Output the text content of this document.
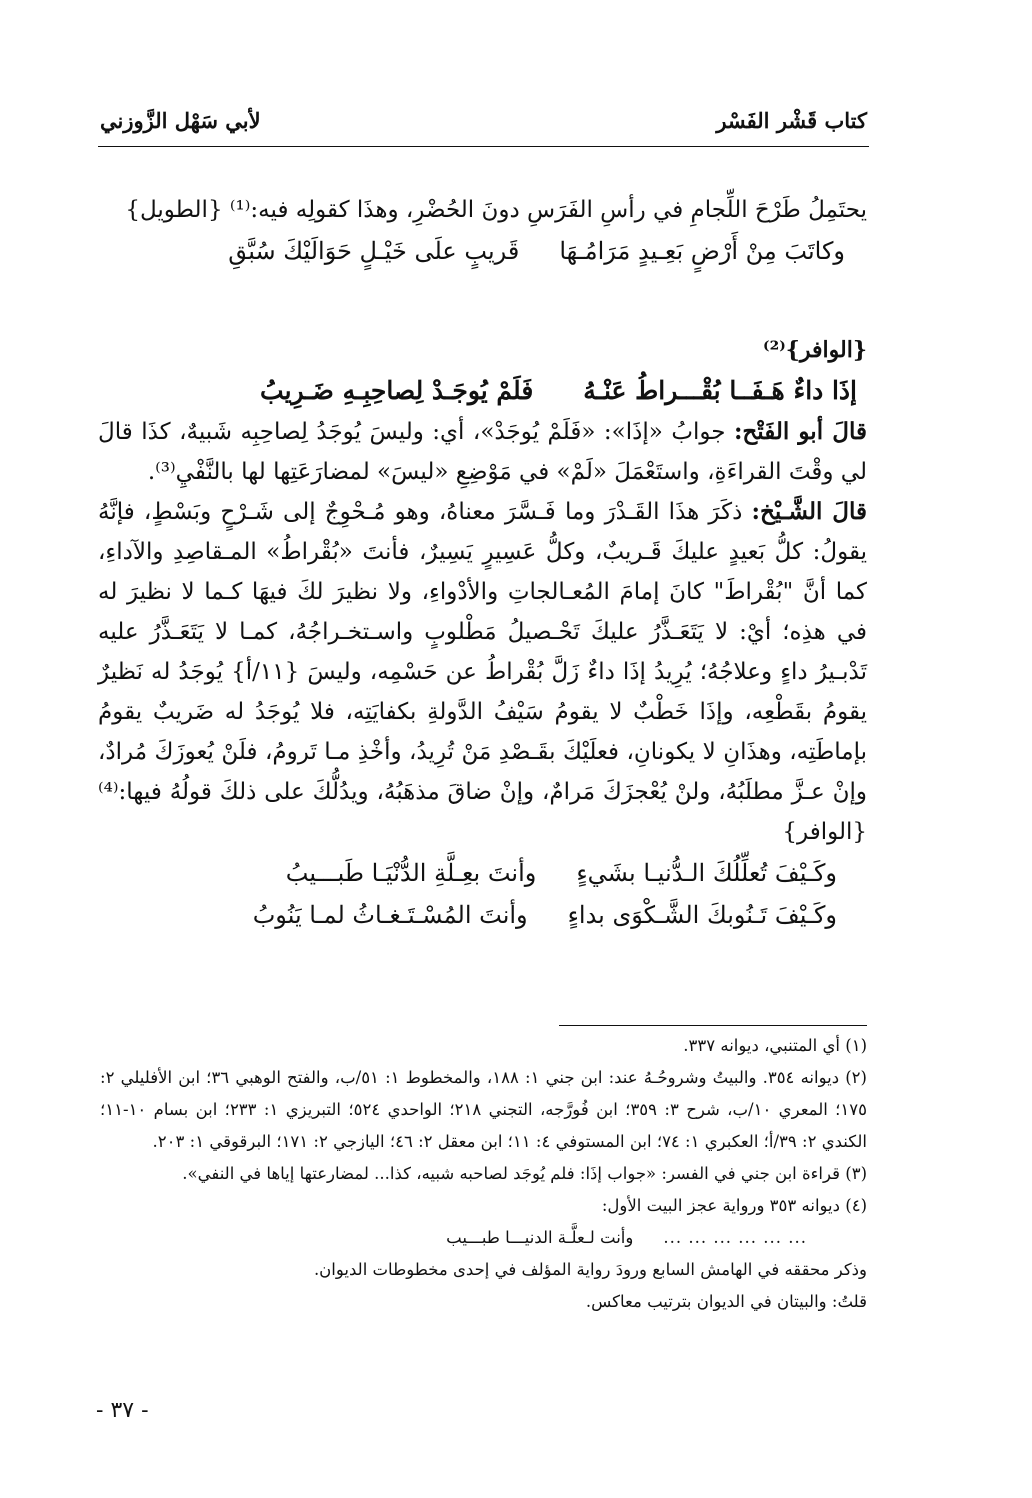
كتاب قَشْر الفَسْر
لأبي سَهْل الزَّوزني

يحتَمِلُ طَرْحَ اللِّجامِ في رأسِ الفَرَسِ دونَ الحُضْرِ، وهذَا كقولِه فيه:⁽¹⁾ {الطويل}

وكاتَبَ مِنْ أَرْضٍ بَعِـيدٍ مَرَامُـهَا
قَريبٍ علَى خَيْـلٍ حَوَالَيْكَ سُبَّقِ
{الوافر}⁽²⁾
إذَا داءٌ هَـفَــا بُقْـــراطُ عَنْـهُ
فَلَمْ يُوجَـدْ لِصاحِبِـهِ ضَـرِيبُ

قالَ أبو الفَتْح: جوابُ «إذَا»: «فَلَمْ يُوجَدْ»، أي: وليسَ يُوجَدُ لِصاحِبِه شَبيهٌ، كذَا قالَ لي وقْتَ القراءَةِ، واستَعْمَلَ «لَمْ» في مَوْضِعِ «ليسَ» لمضارَعَتِها لها بالنَّفْيِ⁽³⁾.

قالَ الشَّـيْخ: ذكَرَ هذَا القَـدْرَ وما فَـسَّرَ معناهُ، وهو مُـحْوِجٌ إلى شَـرْحٍ وبَسْطٍ، فإنَّهُ يقولُ: كلُّ بَعيدٍ عليكَ قَـريبٌ، وكلُّ عَسِيرٍ يَسِيرٌ، فأنتَ «بُقْراطُ» المـقاصِدِ والآداءِ، كما أنَّ "بُقْراطَ" كانَ إمامَ المُعـالجاتِ والأدْواءِ، ولا نظيرَ لكَ فيهَا كـما لا نظيرَ له في هذِه؛ أيْ: لا يَتَعَـذَّرُ عليكَ تَحْـصيلُ مَطْلوبٍ واسـتخـراجُهُ، كمـا لا يَتَعَـذَّرُ عليه تَدْبـيرُ داءٍ وعلاجُهُ؛ يُرِيدُ إذَا داءٌ زَلَّ بُقْراطُ عن حَسْمِه، وليسَ {١١/أ} يُوجَدُ له نَظيرٌ يقومُ بقَطْعِه، وإذَا خَطْبٌ لا يقومُ سَيْفُ الدَّولةِ بكفايَتِه، فلا يُوجَدُ له ضَريبٌ يقومُ بإماطَتِه، وهذَانِ لا يكونانِ، فعلَيْكَ بقَـصْدِ مَنْ تُرِيدُ، وأخْذِ مـا تَرومُ، فلَنْ يُعوزَكَ مُرادٌ، وإنْ عـزَّ مطلَبُهُ، ولنْ يُعْجزَكَ مَرامٌ، وإنْ ضاقَ مذهَبُهُ، ويدُلُّكَ على ذلكَ قولُهُ فيها:⁽⁴⁾ {الوافر}

وكَـيْفَ تُعلِّلُكَ الـدُّنيـا بشَيءٍ
وأنتَ بعِـلَّةِ الدُّنْيَـا طَبـــيبُ
وكَـيْفَ تَـنُوبكَ الشَّـكْوَى بداءٍ
وأنتَ المُسْـتَـغـاثُ لمـا يَنُوبُ

(١) أي المتنبي، ديوانه ٣٣٧.

(٢) ديوانه ٣٥٤. والبيتُ وشروحُـهُ عند: ابن جني ١: ١٨٨، والمخطوط ١: ٥١/ب، والفتح الوهبي ٣٦؛ ابن الأفليلي ٢: ١٧٥؛ المعري ١٠/ب، شرح ٣: ٣٥٩؛ ابن فُورَّجه، التجني ٢١٨؛ الواحدي ٥٢٤؛ التبريزي ١: ٢٣٣؛ ابن بسام ١٠-١١؛ الكندي ٢: ٣٩/أ؛ العكبري ١: ٧٤؛ ابن المستوفي ٤: ١١؛ ابن معقل ٢: ٤٦؛ اليازجي ٢: ١٧١؛ البرقوقي ١: ٢٠٣.

(٣) قراءة ابن جني في الفسر: «جواب إذَا: فلم يُوجَد لصاحبه شبيه، كذا... لمضارعتها إياها في النفي».

(٤) ديوانه ٣٥٣ ورواية عجز البيت الأول:

... ... ... ... ... ...
وأنت لـعلَّـة الدنيـــا طبـــيب

وذكر محققه في الهامش السابع ورودَ رواية المؤلف في إحدى مخطوطات الديوان.

قلتُ: والبيتان في الديوان بترتيب معاكس.

- ٣٧ -
